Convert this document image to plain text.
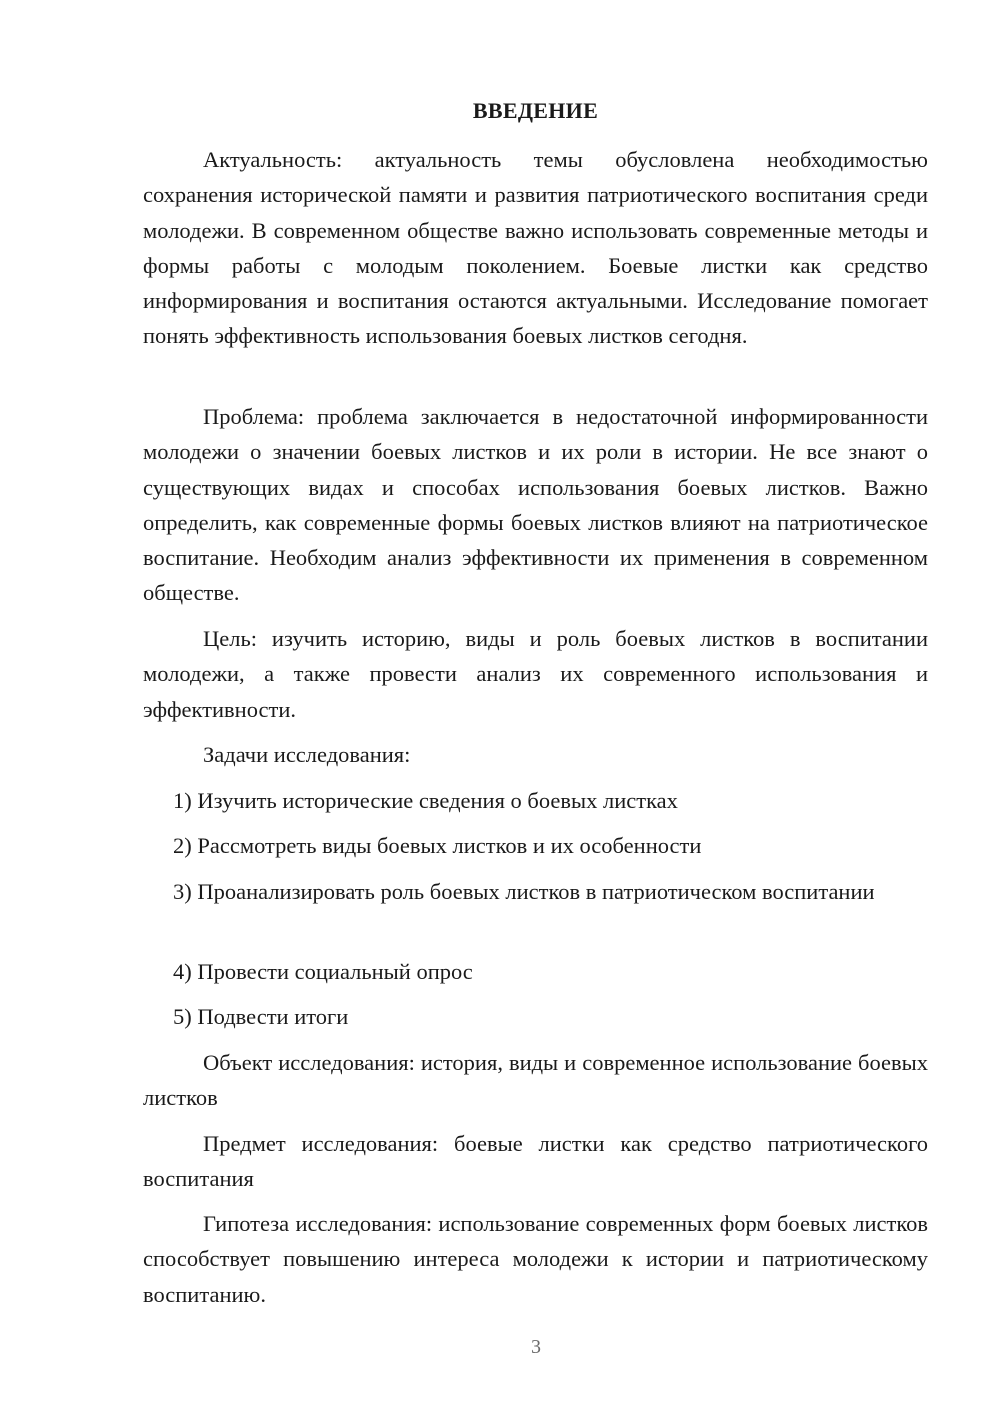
ВВЕДЕНИЕ

Актуальность: актуальность темы обусловлена необходимостью сохранения исторической памяти и развития патриотического воспитания среди молодежи. В современном обществе важно использовать современные методы и формы работы с молодым поколением. Боевые листки как средство информирования и воспитания остаются актуальными. Исследование помогает понять эффективность использования боевых листков сегодня.

Проблема: проблема заключается в недостаточной информированности молодежи о значении боевых листков и их роли в истории. Не все знают о существующих видах и способах использования боевых листков. Важно определить, как современные формы боевых листков влияют на патриотическое воспитание. Необходим анализ эффективности их применения в современном обществе.

Цель: изучить историю, виды и роль боевых листков в воспитании молодежи, а также провести анализ их современного использования и эффективности.

Задачи исследования:

1) Изучить исторические сведения о боевых листках

2) Рассмотреть виды боевых листков и их особенности

3) Проанализировать роль боевых листков в патриотическом воспитании

4) Провести социальный опрос

5) Подвести итоги

Объект исследования: история, виды и современное использование боевых листков

Предмет исследования: боевые листки как средство патриотического воспитания

Гипотеза исследования: использование современных форм боевых листков способствует повышению интереса молодежи к истории и патриотическому воспитанию.

3
